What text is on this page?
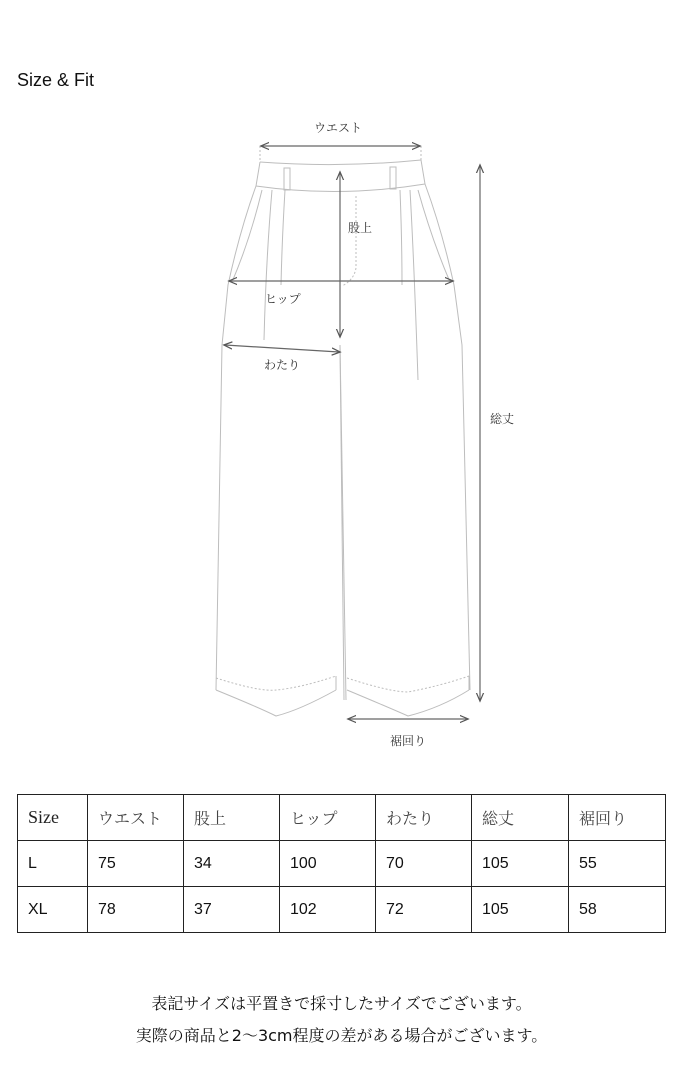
Size & Fit
ウエスト
股上
ヒップ
わたり
総丈
裾回り
Size	ウエスト	股上	ヒップ	わたり	総丈	裾回り
L	75	34	100	70	105	55
XL	78	37	102	72	105	58
表記サイズは平置きで採寸したサイズでございます。
実際の商品と2〜3cm程度の差がある場合がございます。
